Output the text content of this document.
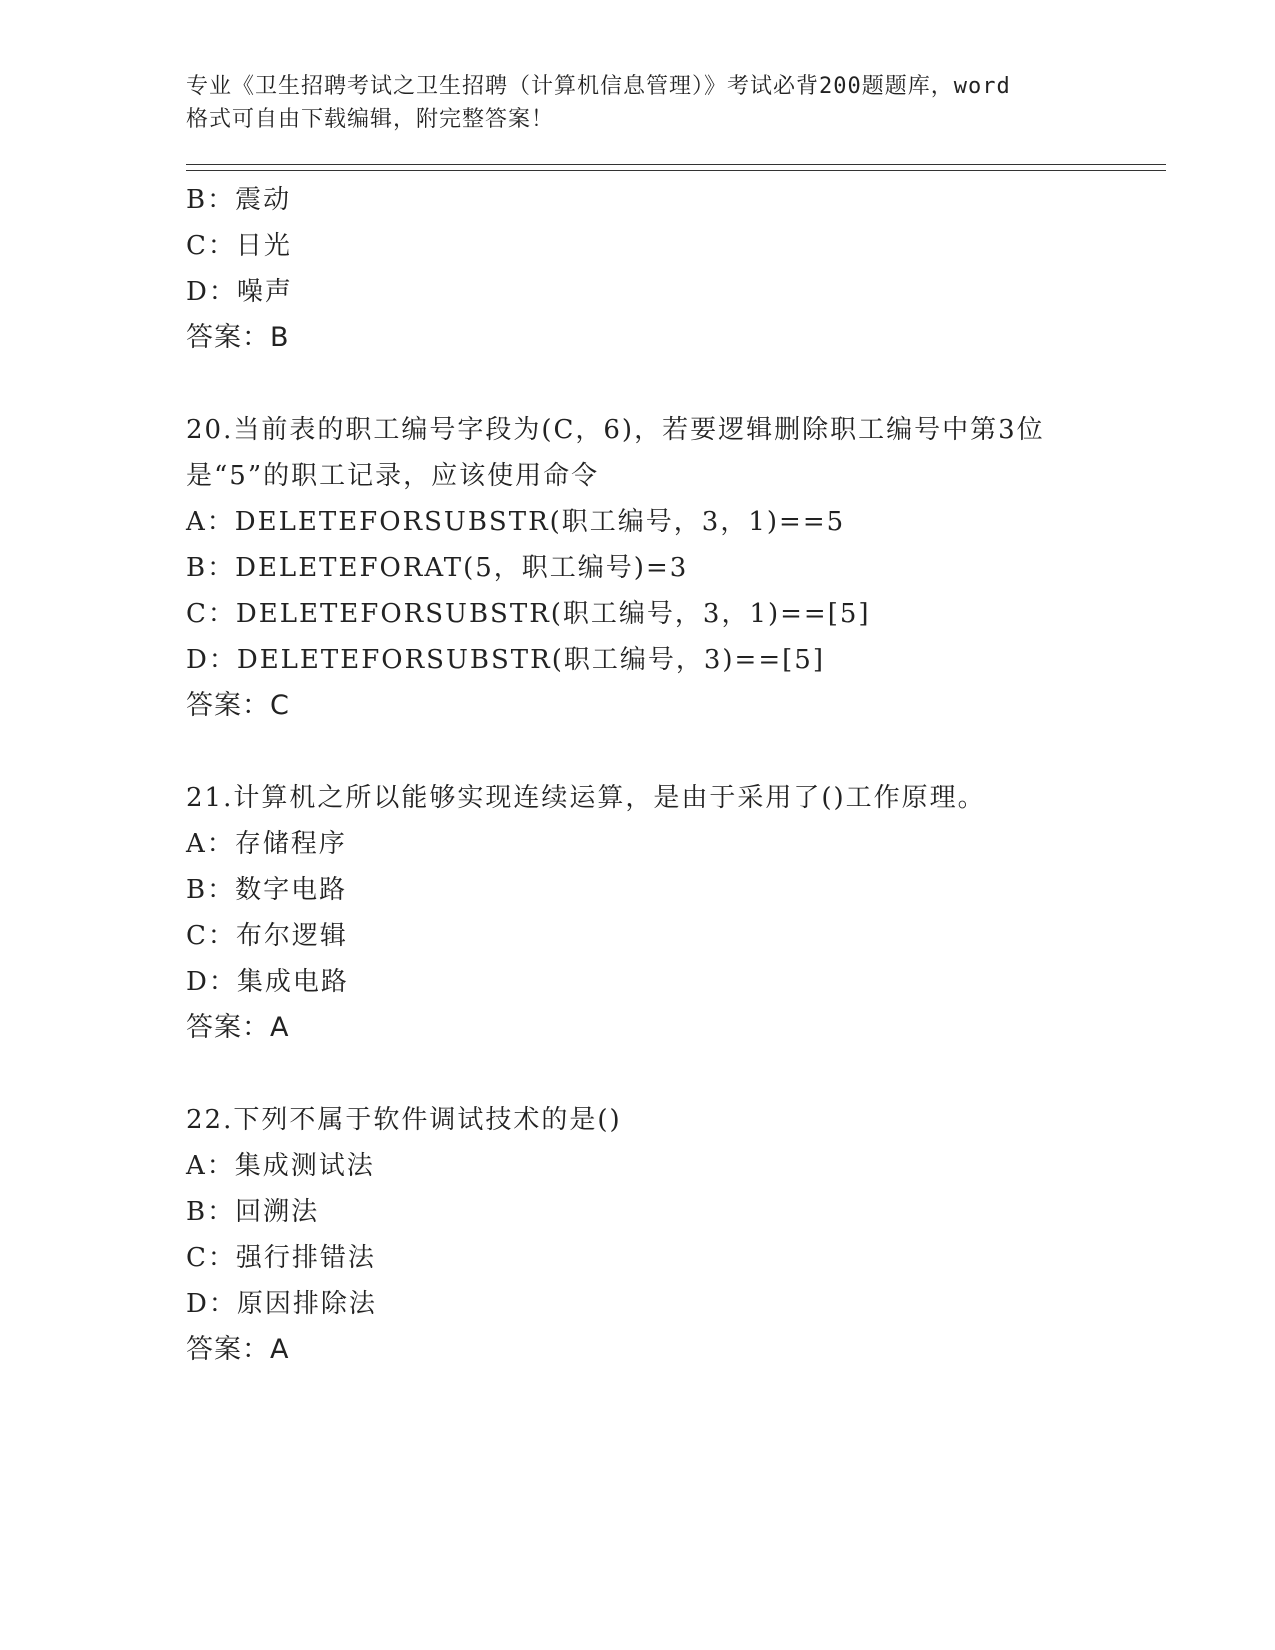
专业《卫生招聘考试之卫生招聘（计算机信息管理）》考试必背200题题库，word
格式可自由下载编辑，附完整答案！
B：震动
C：日光
D：噪声
答案：B
20.当前表的职工编号字段为(C，6)，若要逻辑删除职工编号中第3位
是“5”的职工记录，应该使用命令
A：DELETEFORSUBSTR(职工编号，3，1)==5
B：DELETEFORAT(5，职工编号)=3
C：DELETEFORSUBSTR(职工编号，3，1)==[5]
D：DELETEFORSUBSTR(职工编号，3)==[5]
答案：C
21.计算机之所以能够实现连续运算，是由于采用了()工作原理。
A：存储程序
B：数字电路
C：布尔逻辑
D：集成电路
答案：A
22.下列不属于软件调试技术的是()
A：集成测试法
B：回溯法
C：强行排错法
D：原因排除法
答案：A
